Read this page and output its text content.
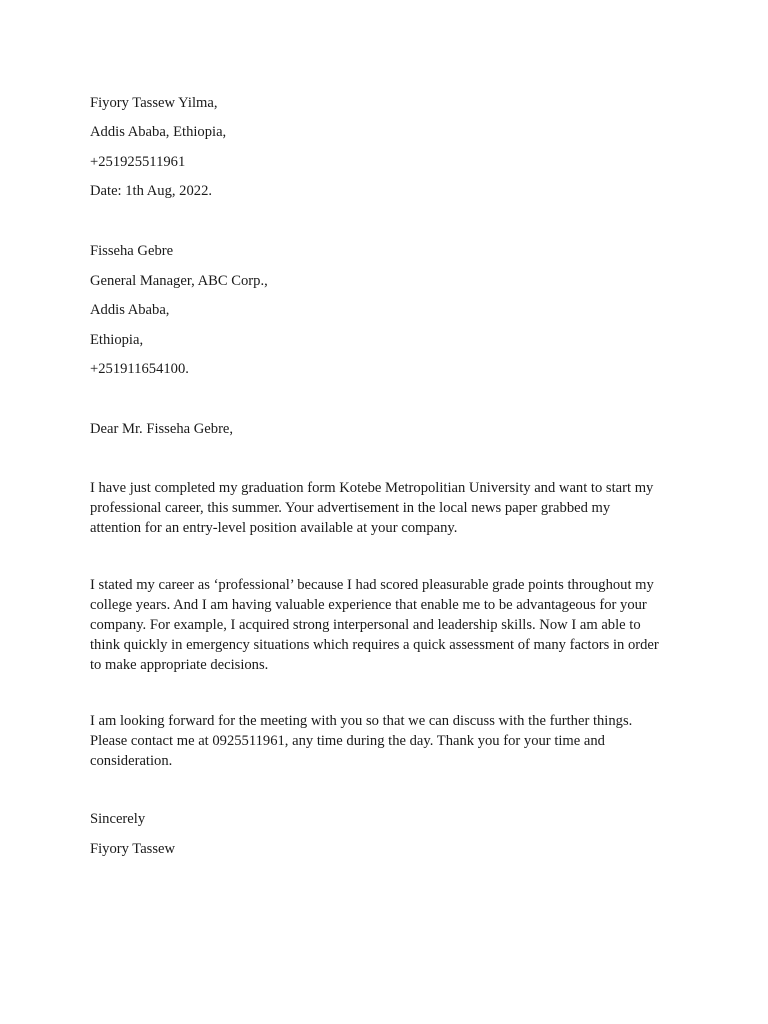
Fiyory Tassew Yilma,
Addis Ababa, Ethiopia,
+251925511961
Date: 1th Aug, 2022.
Fisseha Gebre
General Manager, ABC Corp.,
Addis Ababa,
Ethiopia,
+251911654100.
Dear Mr. Fisseha Gebre,
I have just completed my graduation form Kotebe Metropolitian University and want to start my
professional career, this summer. Your advertisement in the local news paper grabbed my
attention for an entry-level position available at your company.
I stated my career as ‘professional’ because I had scored pleasurable grade points throughout my
college years. And I am having valuable experience that enable me to be advantageous for your
company. For example, I acquired strong interpersonal and leadership skills. Now I am able to
think quickly in emergency situations which requires a quick assessment of many factors in order
to make appropriate decisions.
I am looking forward for the meeting with you so that we can discuss with the further things.
Please contact me at 0925511961, any time during the day. Thank you for your time and
consideration.
Sincerely
Fiyory Tassew
